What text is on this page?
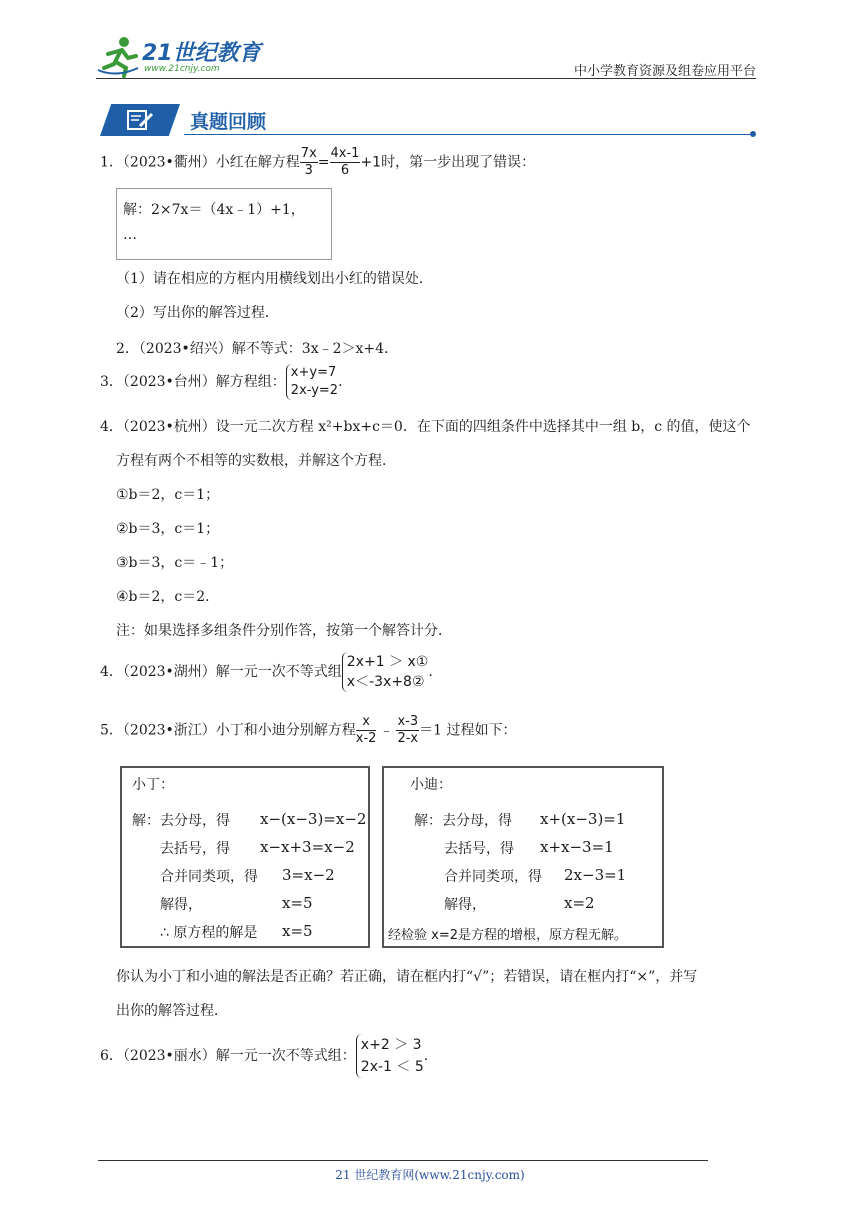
21世纪教育
www.21cnjy.com	中小学教育资源及组卷应用平台
真题回顾
1．（2023•衢州）小红在解方程 $\frac{7x}{3} = \frac{4x-1}{6} +1$时，第一步出现了错误：
解：2×7x＝（4x﹣1）+1，
…
（1）请在相应的方框内用横线划出小红的错误处．
（2）写出你的解答过程．
2．（2023•绍兴）解不等式：3x﹣2＞x+4．
3．（2023•台州）解方程组：
x+y=7
2x-y=2
.
4．（2023•杭州）设一元二次方程 x²+bx+c＝0．在下面的四组条件中选择其中一组 b，c 的值，使这个
方程有两个不相等的实数根，并解这个方程．
①b＝2，c＝1；
②b＝3，c＝1；
③b＝3，c＝﹣1；
④b＝2，c＝2．
注：如果选择多组条件分别作答，按第一个解答计分．
4．（2023•湖州）解一元一次不等式组
2x+1 ＞ x①
x＜-3x+8②
.
5．（2023•浙江）小丁和小迪分别解方程 $\frac{x}{x-2}$ ﹣ $\frac{x-3}{2-x} =1$ 过程如下：
小丁：
解：去分母，得 x−(x−3)=x−2
去括号，得 x−x+3=x−2
合并同类项，得 3=x−2
解得，	x=5
∴ 原方程的解是 x=5
小迪：
解：去分母，得 x+(x−3)=1
去括号，得 x+x−3=1
合并同类项，得 2x−3=1
解得，	x=2
经检验 x=2是方程的增根，原方程无解。
你认为小丁和小迪的解法是否正确？若正确，请在框内打“√”；若错误，请在框内打“×”，并写
出你的解答过程．
6．（2023•丽水）解一元一次不等式组：
x+2 ＞ 3
2x-1 ＜ 5
.
21 世纪教育网(www.21cnjy.com)
